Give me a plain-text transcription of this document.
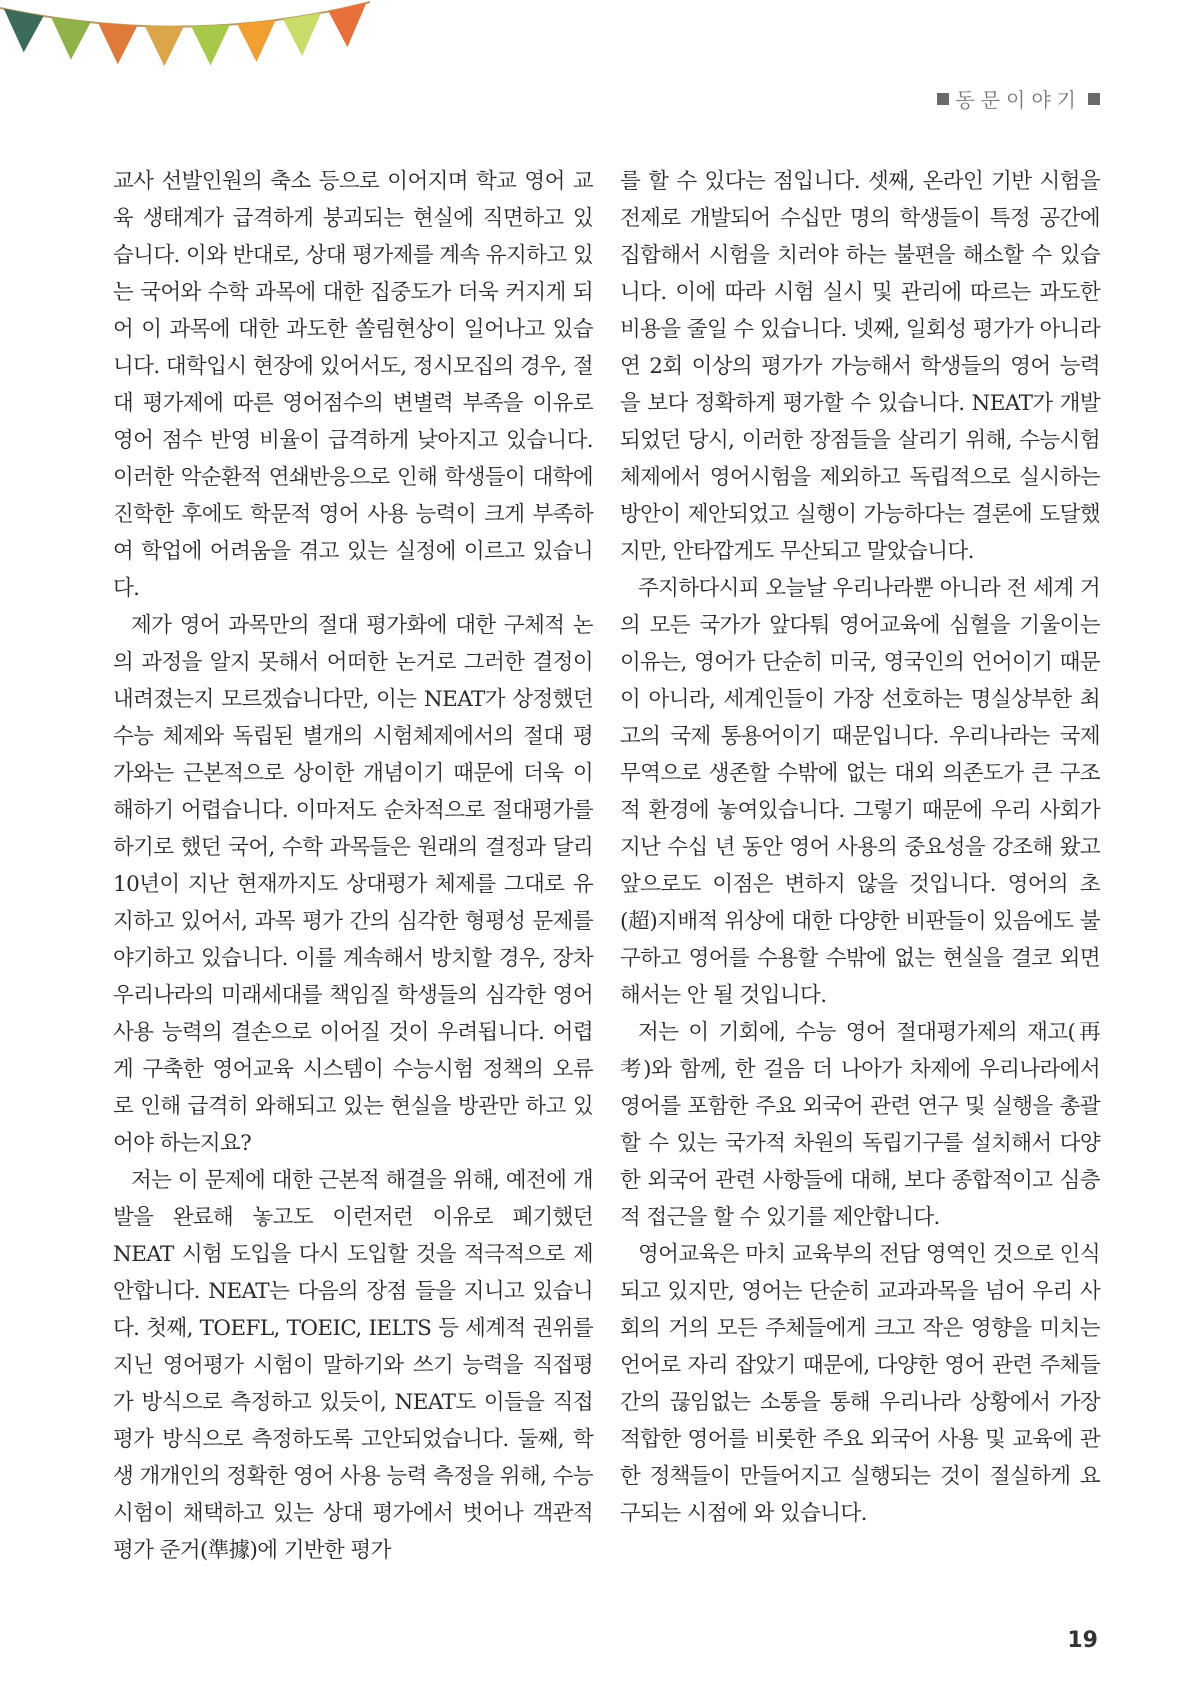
동문이야기

교사 선발인원의 축소 등으로 이어지며 학교 영어 교육 생태계가 급격하게 붕괴되는 현실에 직면하고 있습니다. 이와 반대로, 상대 평가제를 계속 유지하고 있는 국어와 수학 과목에 대한 집중도가 더욱 커지게 되어 이 과목에 대한 과도한 쏠림현상이 일어나고 있습니다. 대학입시 현장에 있어서도, 정시모집의 경우, 절대 평가제에 따른 영어점수의 변별력 부족을 이유로 영어 점수 반영 비율이 급격하게 낮아지고 있습니다. 이러한 악순환적 연쇄반응으로 인해 학생들이 대학에 진학한 후에도 학문적 영어 사용 능력이 크게 부족하여 학업에 어려움을 겪고 있는 실정에 이르고 있습니다.

제가 영어 과목만의 절대 평가화에 대한 구체적 논의 과정을 알지 못해서 어떠한 논거로 그러한 결정이 내려졌는지 모르겠습니다만, 이는 NEAT가 상정했던 수능 체제와 독립된 별개의 시험체제에서의 절대 평가와는 근본적으로 상이한 개념이기 때문에 더욱 이해하기 어렵습니다. 이마저도 순차적으로 절대평가를 하기로 했던 국어, 수학 과목들은 원래의 결정과 달리 10년이 지난 현재까지도 상대평가 체제를 그대로 유지하고 있어서, 과목 평가 간의 심각한 형평성 문제를 야기하고 있습니다. 이를 계속해서 방치할 경우, 장차 우리나라의 미래세대를 책임질 학생들의 심각한 영어 사용 능력의 결손으로 이어질 것이 우려됩니다. 어렵게 구축한 영어교육 시스템이 수능시험 정책의 오류로 인해 급격히 와해되고 있는 현실을 방관만 하고 있어야 하는지요?

저는 이 문제에 대한 근본적 해결을 위해, 예전에 개발을 완료해 놓고도 이런저런 이유로 폐기했던 NEAT 시험 도입을 다시 도입할 것을 적극적으로 제안합니다. NEAT는 다음의 장점 들을 지니고 있습니다. 첫째, TOEFL, TOEIC, IELTS 등 세계적 권위를 지닌 영어평가 시험이 말하기와 쓰기 능력을 직접평가 방식으로 측정하고 있듯이, NEAT도 이들을 직접평가 방식으로 측정하도록 고안되었습니다. 둘째, 학생 개개인의 정확한 영어 사용 능력 측정을 위해, 수능시험이 채택하고 있는 상대 평가에서 벗어나 객관적 평가 준거(準據)에 기반한 평가

를 할 수 있다는 점입니다. 셋째, 온라인 기반 시험을 전제로 개발되어 수십만 명의 학생들이 특정 공간에 집합해서 시험을 치러야 하는 불편을 해소할 수 있습니다. 이에 따라 시험 실시 및 관리에 따르는 과도한 비용을 줄일 수 있습니다. 넷째, 일회성 평가가 아니라 연 2회 이상의 평가가 가능해서 학생들의 영어 능력을 보다 정확하게 평가할 수 있습니다. NEAT가 개발되었던 당시, 이러한 장점들을 살리기 위해, 수능시험체제에서 영어시험을 제외하고 독립적으로 실시하는 방안이 제안되었고 실행이 가능하다는 결론에 도달했지만, 안타깝게도 무산되고 말았습니다.

주지하다시피 오늘날 우리나라뿐 아니라 전 세계 거의 모든 국가가 앞다퉈 영어교육에 심혈을 기울이는 이유는, 영어가 단순히 미국, 영국인의 언어이기 때문이 아니라, 세계인들이 가장 선호하는 명실상부한 최고의 국제 통용어이기 때문입니다. 우리나라는 국제 무역으로 생존할 수밖에 없는 대외 의존도가 큰 구조적 환경에 놓여있습니다. 그렇기 때문에 우리 사회가 지난 수십 년 동안 영어 사용의 중요성을 강조해 왔고 앞으로도 이점은 변하지 않을 것입니다. 영어의 초(超)지배적 위상에 대한 다양한 비판들이 있음에도 불구하고 영어를 수용할 수밖에 없는 현실을 결코 외면해서는 안 될 것입니다.

저는 이 기회에, 수능 영어 절대평가제의 재고(再考)와 함께, 한 걸음 더 나아가 차제에 우리나라에서 영어를 포함한 주요 외국어 관련 연구 및 실행을 총괄할 수 있는 국가적 차원의 독립기구를 설치해서 다양한 외국어 관련 사항들에 대해, 보다 종합적이고 심층적 접근을 할 수 있기를 제안합니다.

영어교육은 마치 교육부의 전담 영역인 것으로 인식되고 있지만, 영어는 단순히 교과과목을 넘어 우리 사회의 거의 모든 주체들에게 크고 작은 영향을 미치는 언어로 자리 잡았기 때문에, 다양한 영어 관련 주체들 간의 끊임없는 소통을 통해 우리나라 상황에서 가장 적합한 영어를 비롯한 주요 외국어 사용 및 교육에 관한 정책들이 만들어지고 실행되는 것이 절실하게 요구되는 시점에 와 있습니다.

19
